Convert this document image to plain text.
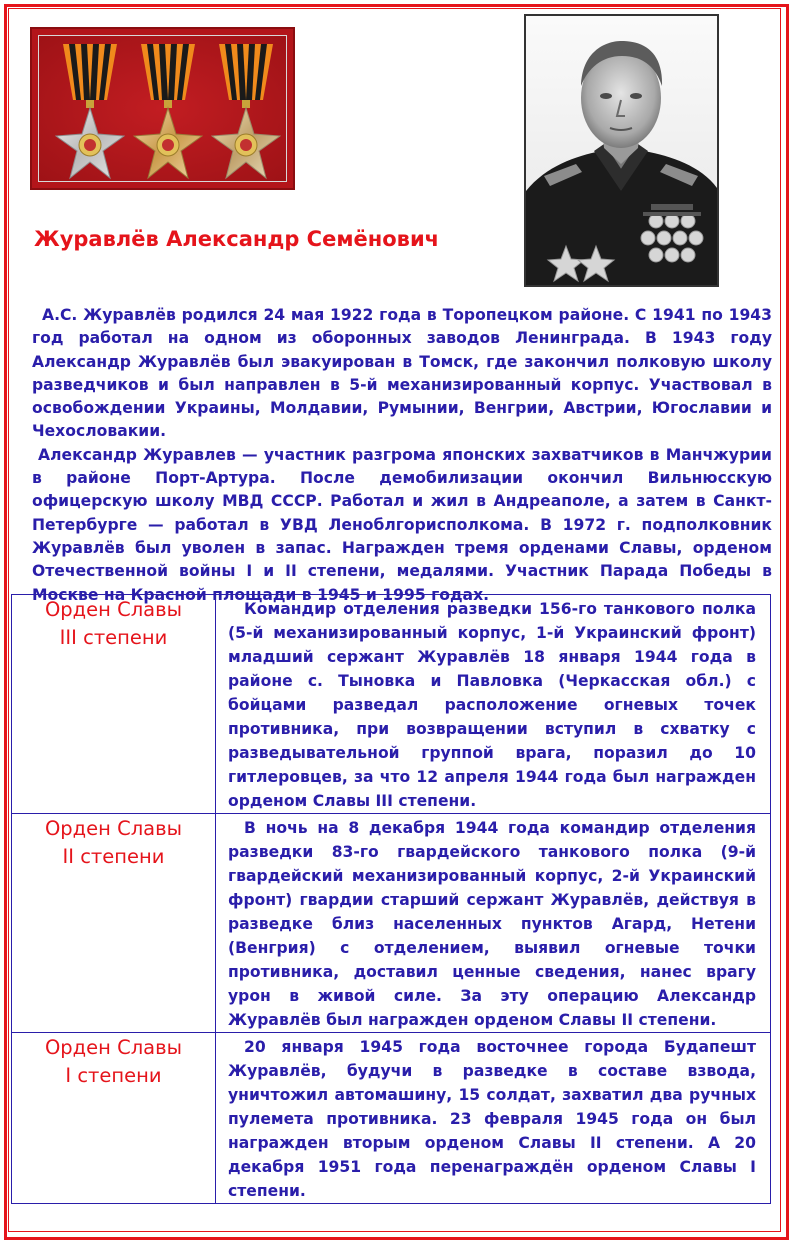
Журавлёв Александр Семёнович

А.С. Журавлёв родился 24 мая 1922 года в Торопецком районе. С 1941 по 1943 год работал на одном из оборонных заводов Ленинграда. В 1943 году Александр Журавлёв был эвакуирован в Томск, где закончил полковую школу разведчиков и был направлен в 5-й механизированный корпус. Участвовал в освобождении Украины, Молдавии, Румынии, Венгрии, Австрии, Югославии и Чехословакии.

Александр Журавлев — участник разгрома японских захватчиков в Манчжурии в районе Порт-Артура. После демобилизации окончил Вильнюсскую офицерскую школу МВД СССР. Работал и жил в Андреаполе, а затем в Санкт-Петербурге — работал в УВД Леноблгорисполкома. В 1972 г. подполковник Журавлёв был уволен в запас. Награжден тремя орденами Славы, орденом Отечественной войны I и II степени, медалями. Участник Парада Победы в Москве на Красной площади в 1945 и 1995 годах.

Орден Славы
III степени	Командир отделения разведки 156-го танкового полка (5-й механизированный корпус, 1-й Украинский фронт) младший сержант Журавлёв 18 января 1944 года в районе с. Тыновка и Павловка (Черкасская обл.) с бойцами разведал расположение огневых точек противника, при возвращении вступил в схватку с разведывательной группой врага, поразил до 10 гитлеровцев, за что 12 апреля 1944 года был награжден орденом Славы III степени.

Орден Славы
II степени	В ночь на 8 декабря 1944 года командир отделения разведки 83-го гвардейского танкового полка (9-й гвардейский механизированный корпус, 2-й Украинский фронт) гвардии старший сержант Журавлёв, действуя в разведке близ населенных пунктов Агард, Нетени (Венгрия) с отделением, выявил огневые точки противника, доставил ценные сведения, нанес врагу урон в живой силе. За эту операцию Александр Журавлёв был награжден орденом Славы II степени.

Орден Славы
I степени	20 января 1945 года восточнее города Будапешт Журавлёв, будучи в разведке в составе взвода, уничтожил автомашину, 15 солдат, захватил два ручных пулемета противника. 23 февраля 1945 года он был награжден вторым орденом Славы II степени. А 20 декабря 1951 года перенаграждён орденом Славы I степени.
